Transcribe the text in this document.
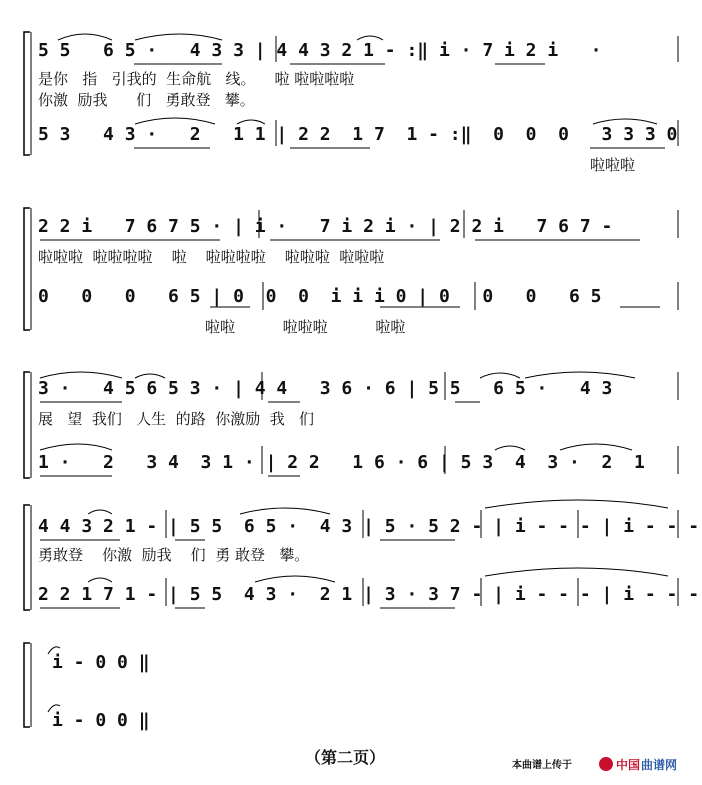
5 5   6 5 ·   4 3 3 | 4 4 3 2 1 - :‖ i · 7 i 2 i   ·
是你   指   引我的  生命航   线。    啦 啦啦啦啦
你激  励我      们   勇敢登   攀。
5 3   4 3 ·   2   1 1 | 2 2  1 7  1 - :‖  0  0  0   3 3 3 0
啦啦啦
2 2 i   7 6 7 5 · | i ·   7 i 2 i · | 2 2 i   7 6 7 -
啦啦啦  啦啦啦啦    啦    啦啦啦啦    啦啦啦  啦啦啦
0   0   0   6 5 | 0  0  0  i i i 0 | 0   0   0   6 5
啦啦          啦啦啦          啦啦
3 ·   4 5 6 5 3 · | 4 4   3 6 · 6 | 5 5   6 5 ·   4 3
展   望  我们   人生  的路  你激励  我   们
1 ·   2   3 4  3 1 · | 2 2   1 6 · 6 | 5 3  4  3 ·  2  1
4 4 3 2 1 - | 5 5  6 5 ·  4 3 | 5 · 5 2 - | i - - - | i - - -
勇敢登    你激  励我    们  勇 敢登   攀。
2 2 1 7 1 - | 5 5  4 3 ·  2 1 | 3 · 3 7 - | i - - - | i - - -
i - 0 0 ‖
i - 0 0 ‖
（第二页）	本曲谱上传于	中国 曲谱网
